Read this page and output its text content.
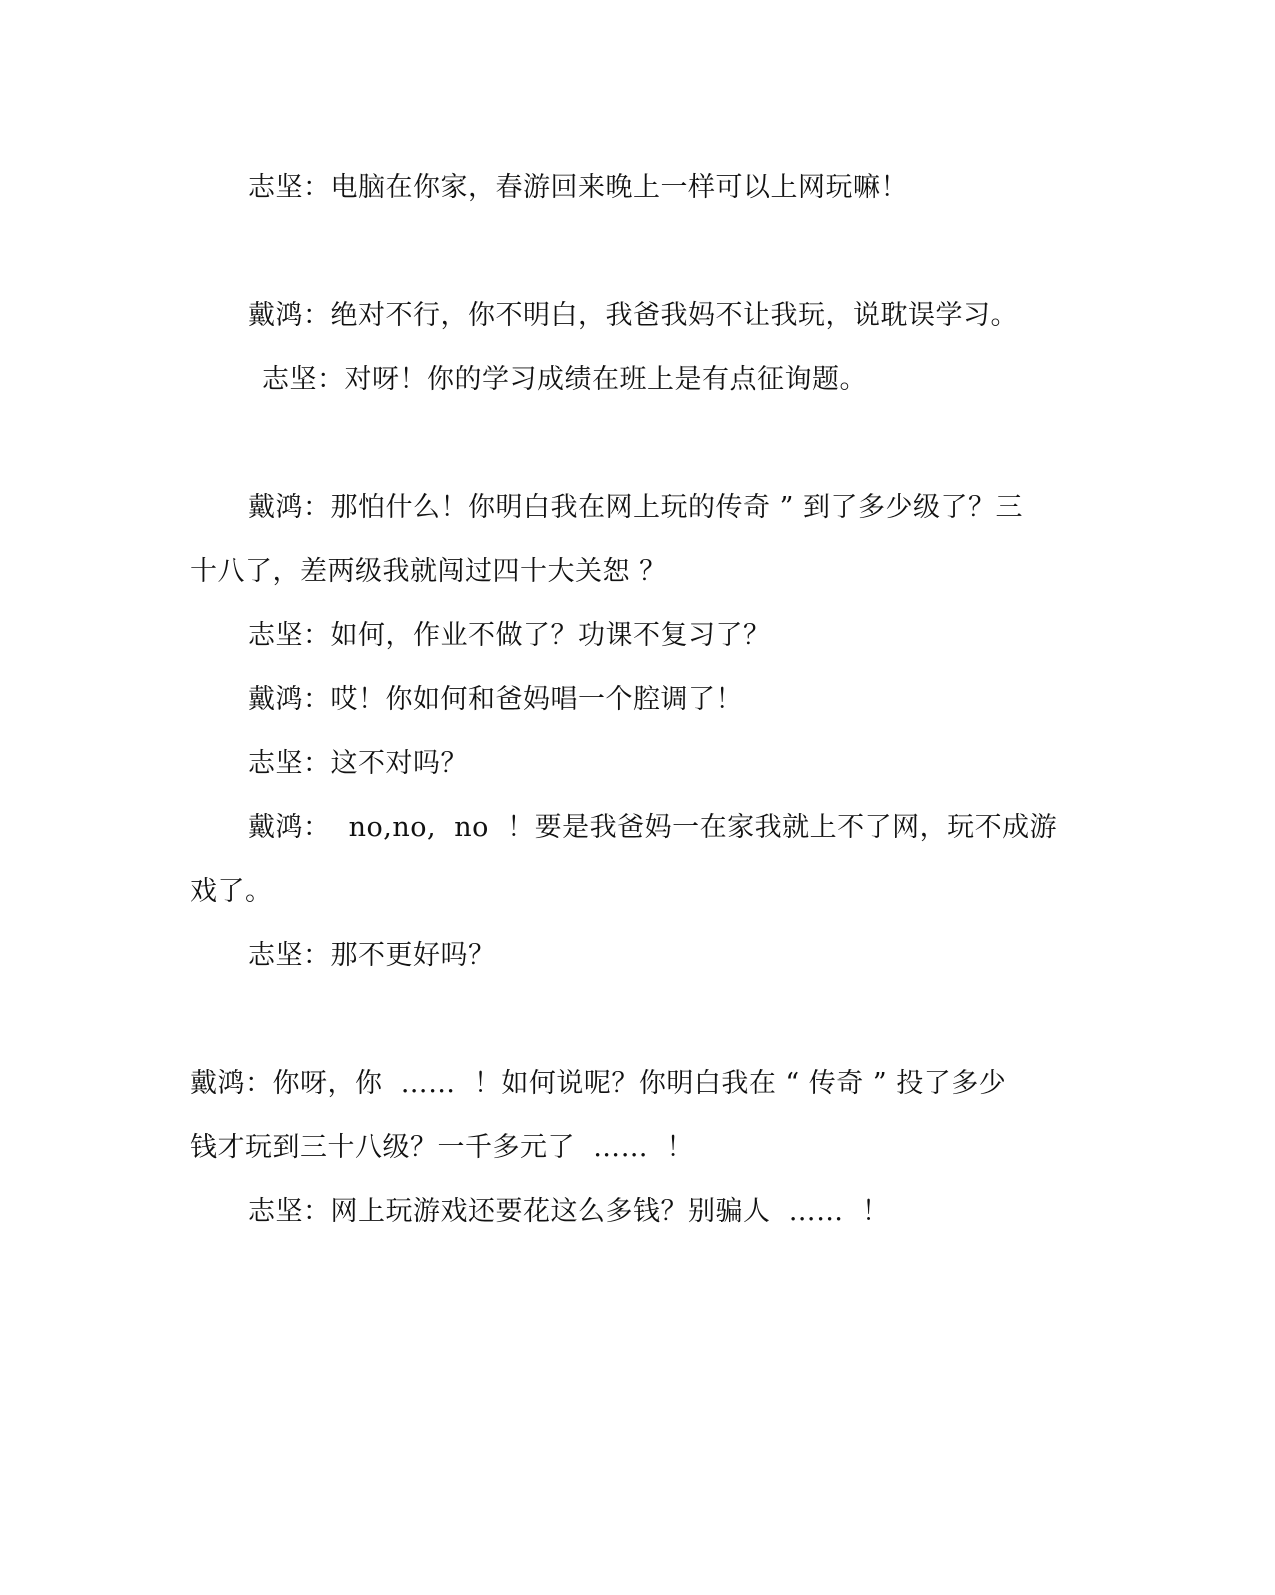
志坚：电脑在你家，春游回来晚上一样可以上网玩嘛！
戴鸿：绝对不行，你不明白，我爸我妈不让我玩，说耽误学习。
志坚：对呀！你的学习成绩在班上是有点征询题。
戴鸿：那怕什么！你明白我在网上玩的传奇 ” 到了多少级了？三
十八了，差两级我就闯过四十大关恕 ？
志坚：如何，作业不做了？功课不复习了？
戴鸿：哎！你如何和爸妈唱一个腔调了！
志坚：这不对吗？
戴鸿：  no,no,  no  ！要是我爸妈一在家我就上不了网，玩不成游
戏了。
志坚：那不更好吗？
戴鸿：你呀，你  ……  ！如何说呢？你明白我在 “ 传奇 ” 投了多少
钱才玩到三十八级？一千多元了  ……  ！
志坚：网上玩游戏还要花这么多钱？别骗人  ……  ！
